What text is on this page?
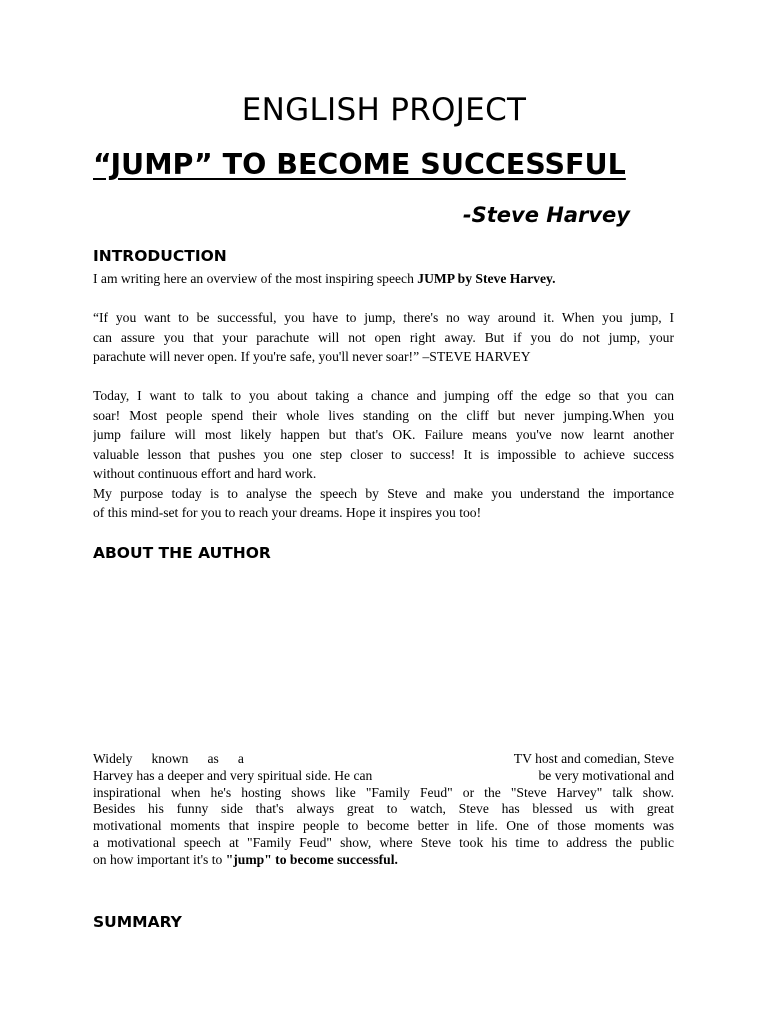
ENGLISH PROJECT
“JUMP” TO BECOME SUCCESSFUL
-Steve Harvey
INTRODUCTION
I am writing here an overview of the most inspiring speech JUMP by Steve Harvey.

“If you want to be successful, you have to jump, there's no way around it. When you jump, I
can assure you that your parachute will not open right away. But if you do not jump, your
parachute will never open. If you're safe, you'll never soar!” –STEVE HARVEY

Today, I want to talk to you about taking a chance and jumping off the edge so that you can
soar! Most people spend their whole lives standing on the cliff but never jumping.When you
jump failure will most likely happen but that's OK. Failure means you've now learnt another
valuable lesson that pushes you one step closer to success! It is impossible to achieve success
without continuous effort and hard work.
My purpose today is to analyse the speech by Steve and make you understand the importance
of this mind-set for you to reach your dreams. Hope it inspires you too!

ABOUT THE AUTHOR
Widely known as a	TV host and comedian, Steve
Harvey has a deeper and very spiritual side. He can	be very motivational and
inspirational when he's hosting shows like "Family Feud" or the "Steve Harvey" talk show.
Besides his funny side that's always great to watch, Steve has blessed us with great
motivational moments that inspire people to become better in life. One of those moments was
a motivational speech at "Family Feud" show, where Steve took his time to address the public
on how important it's to "jump" to become successful.
SUMMARY
